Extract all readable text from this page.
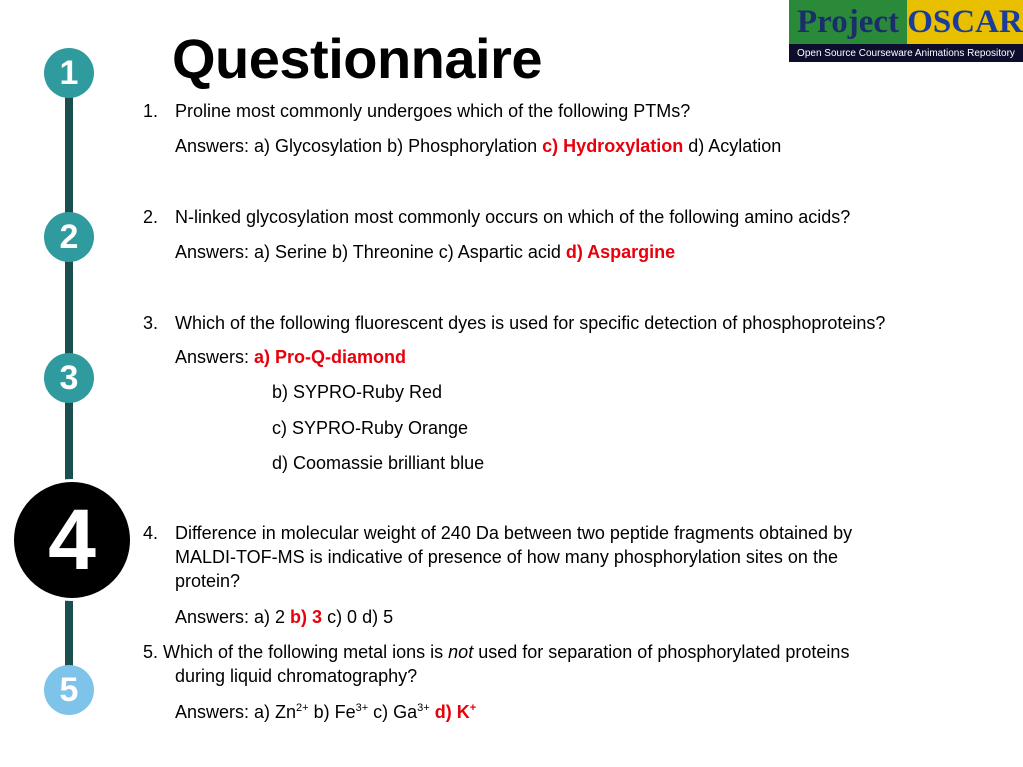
1
2
3
4
5
Questionnaire
Project OSCAR
Open Source Courseware Animations Repository
1. Proline most commonly undergoes which of the following PTMs?
Answers: a) Glycosylation b) Phosphorylation c) Hydroxylation d) Acylation
2. N-linked glycosylation most commonly occurs on which of the following amino acids?
Answers: a) Serine b) Threonine c) Aspartic acid d) Aspargine
3. Which of the following fluorescent dyes is used for specific detection of phosphoproteins?
Answers: a) Pro-Q-diamond
b) SYPRO-Ruby Red
c) SYPRO-Ruby Orange
d) Coomassie brilliant blue
4. Difference in molecular weight of 240 Da between two peptide fragments obtained by
MALDI-TOF-MS is indicative of presence of how many phosphorylation sites on the
protein?
Answers: a) 2 b) 3 c) 0 d) 5
5. Which of the following metal ions is not used for separation of phosphorylated proteins
during liquid chromatography?
Answers: a) $Zn^{2+}$ b) $Fe^{3+}$ c) $Ga^{3+}$ d) K+
